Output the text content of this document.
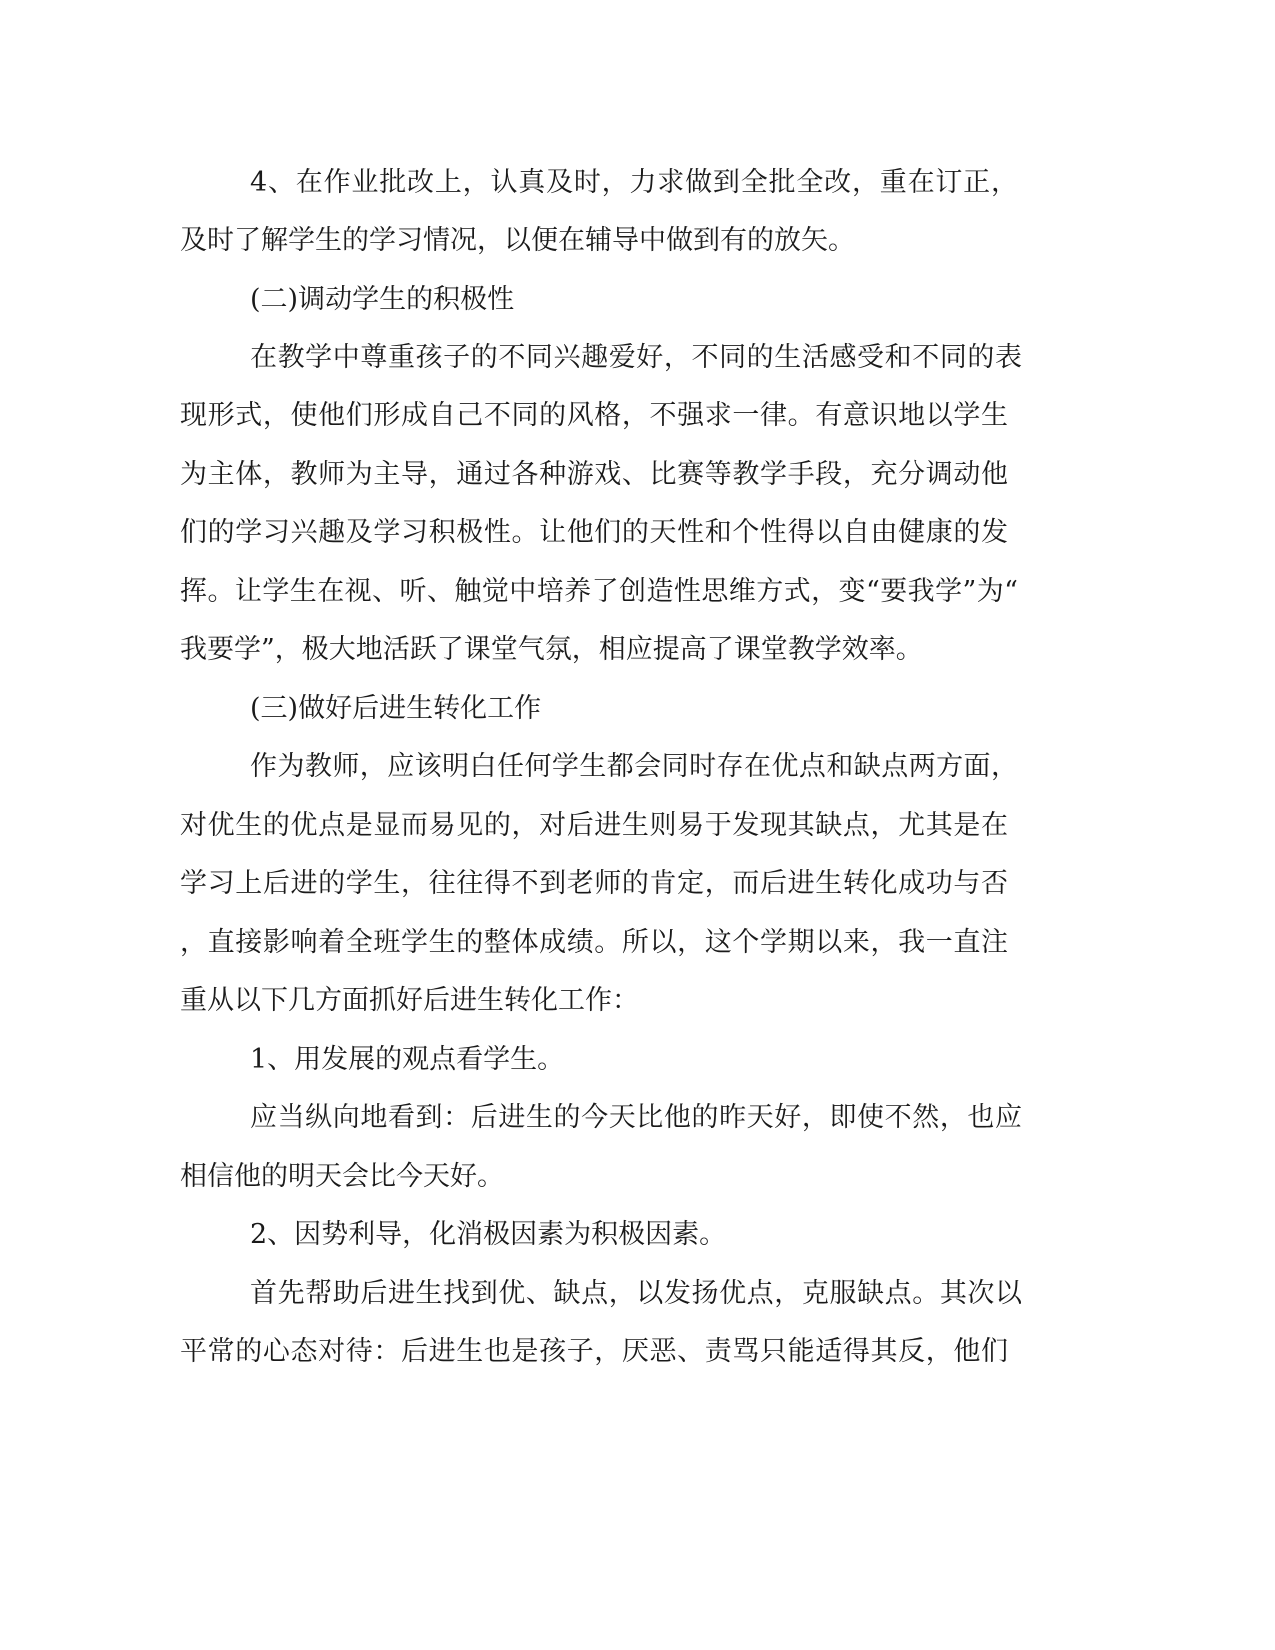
4、在作业批改上，认真及时，力求做到全批全改，重在订正，
及时了解学生的学习情况，以便在辅导中做到有的放矢。
(二)调动学生的积极性
在教学中尊重孩子的不同兴趣爱好，不同的生活感受和不同的表
现形式，使他们形成自己不同的风格，不强求一律。有意识地以学生
为主体，教师为主导，通过各种游戏、比赛等教学手段，充分调动他
们的学习兴趣及学习积极性。让他们的天性和个性得以自由健康的发
挥。让学生在视、听、触觉中培养了创造性思维方式，变“要我学”为“
我要学”，极大地活跃了课堂气氛，相应提高了课堂教学效率。
(三)做好后进生转化工作
作为教师，应该明白任何学生都会同时存在优点和缺点两方面，
对优生的优点是显而易见的，对后进生则易于发现其缺点，尤其是在
学习上后进的学生，往往得不到老师的肯定，而后进生转化成功与否
，直接影响着全班学生的整体成绩。所以，这个学期以来，我一直注
重从以下几方面抓好后进生转化工作：
1、用发展的观点看学生。
应当纵向地看到：后进生的今天比他的昨天好，即使不然，也应
相信他的明天会比今天好。
2、因势利导，化消极因素为积极因素。
首先帮助后进生找到优、缺点，以发扬优点，克服缺点。其次以
平常的心态对待：后进生也是孩子，厌恶、责骂只能适得其反，他们
